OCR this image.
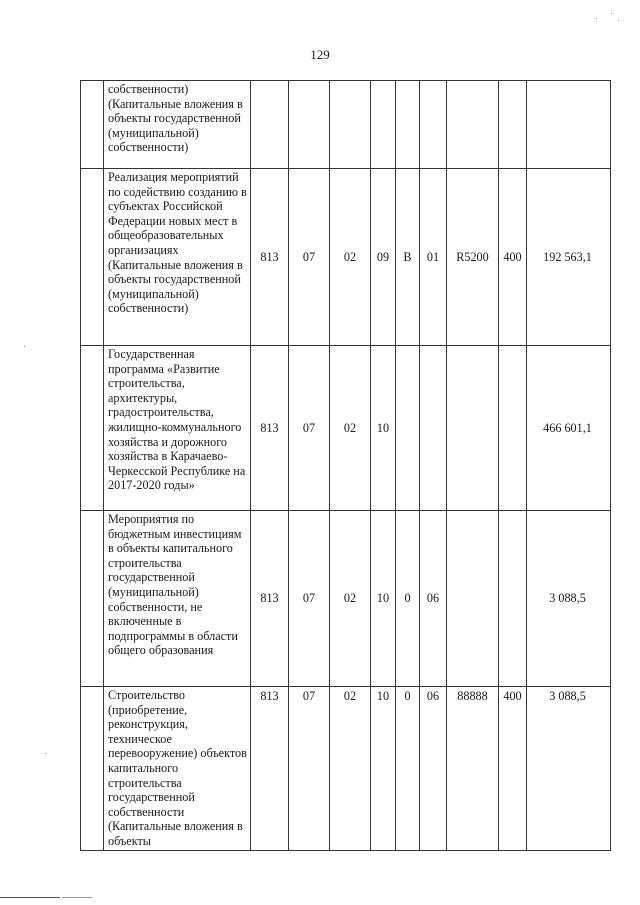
129
	собственности) (Капитальные вложения в объекты государственной (муниципальной) собственности)									
	Реализация мероприятий по содействию созданию в субъектах Российской Федерации новых мест в общеобразовательных организациях (Капитальные вложения в объекты государственной (муниципальной) собственности)	813	07	02	09	В	01	R5200	400	192 563,1
	Государственная программа «Развитие строительства, архитектуры, градостроительства, жилищно-коммунального хозяйства и дорожного хозяйства в Карачаево-Черкесской Республике на 2017-2020 годы»	813	07	02	10					466 601,1
	Мероприятия по бюджетным инвестициям в объекты капитального строительства государственной (муниципальной) собственности, не включенные в подпрограммы в области общего образования	813	07	02	10	0	06			3 088,5
	Строительство (приобретение, реконструкция, техническое перевооружение) объектов капитального строительства государственной собственности (Капитальные вложения в объекты	813	07	02	10	0	06	88888	400	3 088,5
